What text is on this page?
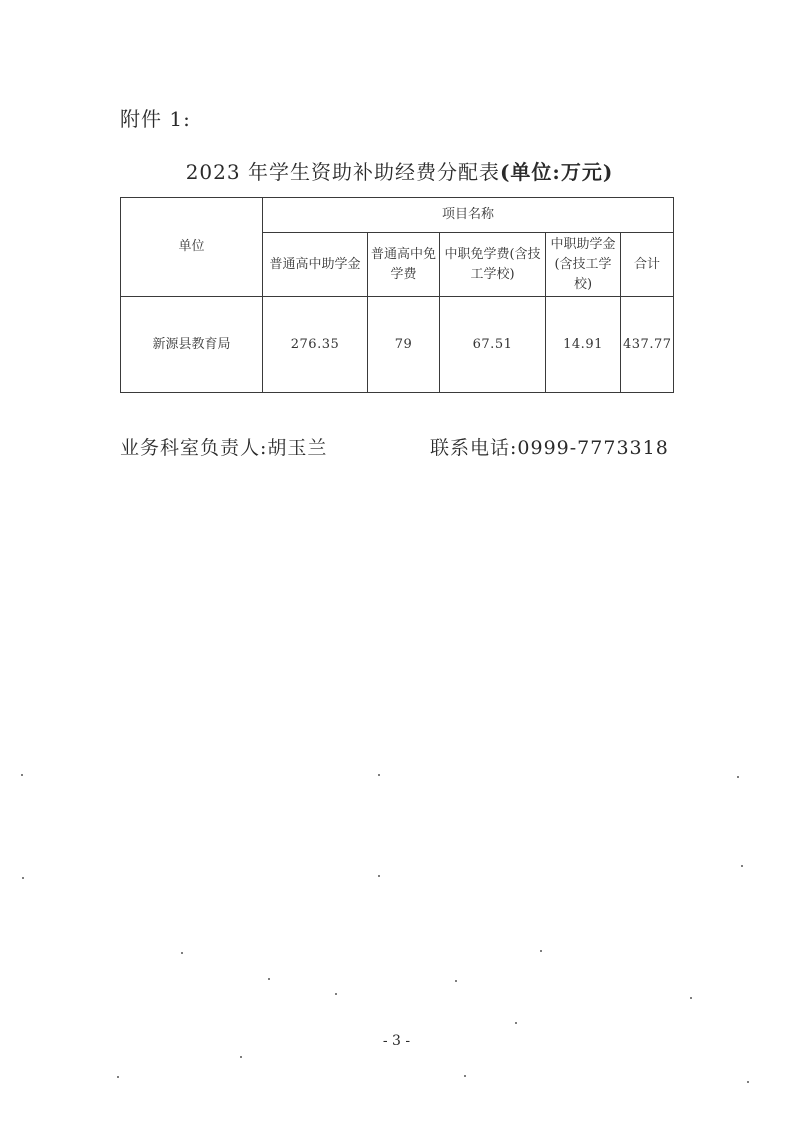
附件 1:
2023 年学生资助补助经费分配表(单位:万元)
单位	项目名称				
	普通高中助学金	普通高中免学费	中职免学费(含技工学校)	中职助学金(含技工学校)	合计
新源县教育局	276.35	79	67.51	14.91	437.77
业务科室负责人:胡玉兰	联系电话:0999-7773318
- 3 -
